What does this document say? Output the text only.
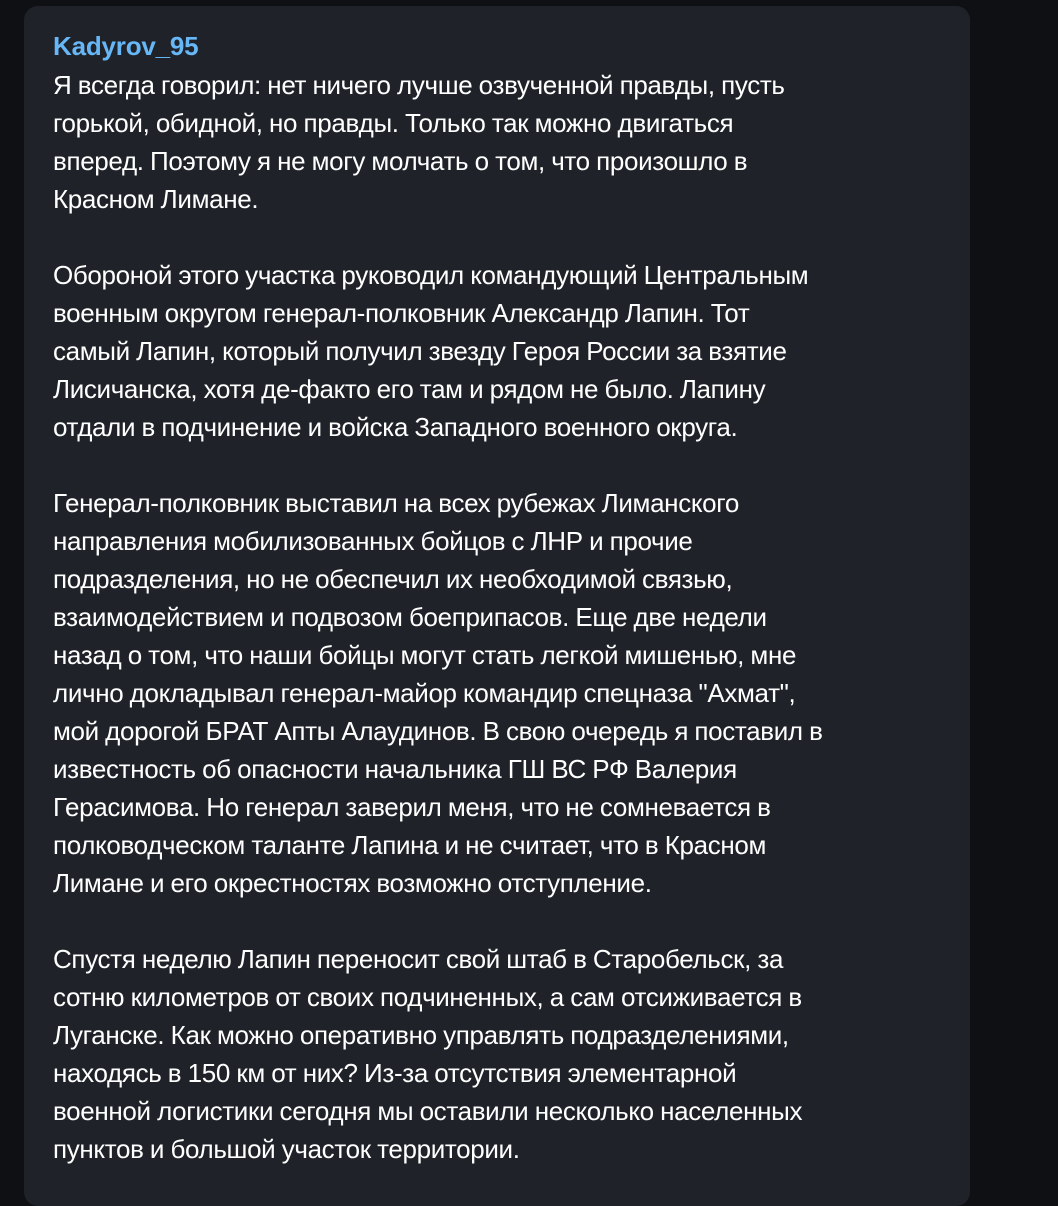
Kadyrov_95
Я всегда говорил: нет ничего лучше озвученной правды, пусть
горькой, обидной, но правды. Только так можно двигаться
вперед. Поэтому я не могу молчать о том, что произошло в
Красном Лимане.
Обороной этого участка руководил командующий Центральным
военным округом генерал-полковник Александр Лапин. Тот
самый Лапин, который получил звезду Героя России за взятие
Лисичанска, хотя де-факто его там и рядом не было. Лапину
отдали в подчинение и войска Западного военного округа.
Генерал-полковник выставил на всех рубежах Лиманского
направления мобилизованных бойцов с ЛНР и прочие
подразделения, но не обеспечил их необходимой связью,
взаимодействием и подвозом боеприпасов. Еще две недели
назад о том, что наши бойцы могут стать легкой мишенью, мне
лично докладывал генерал-майор командир спецназа "Ахмат",
мой дорогой БРАТ Апты Алаудинов. В свою очередь я поставил в
известность об опасности начальника ГШ ВС РФ Валерия
Герасимова. Но генерал заверил меня, что не сомневается в
полководческом таланте Лапина и не считает, что в Красном
Лимане и его окрестностях возможно отступление.
Спустя неделю Лапин переносит свой штаб в Старобельск, за
сотню километров от своих подчиненных, а сам отсиживается в
Луганске. Как можно оперативно управлять подразделениями,
находясь в 150 км от них? Из-за отсутствия элементарной
военной логистики сегодня мы оставили несколько населенных
пунктов и большой участок территории.
